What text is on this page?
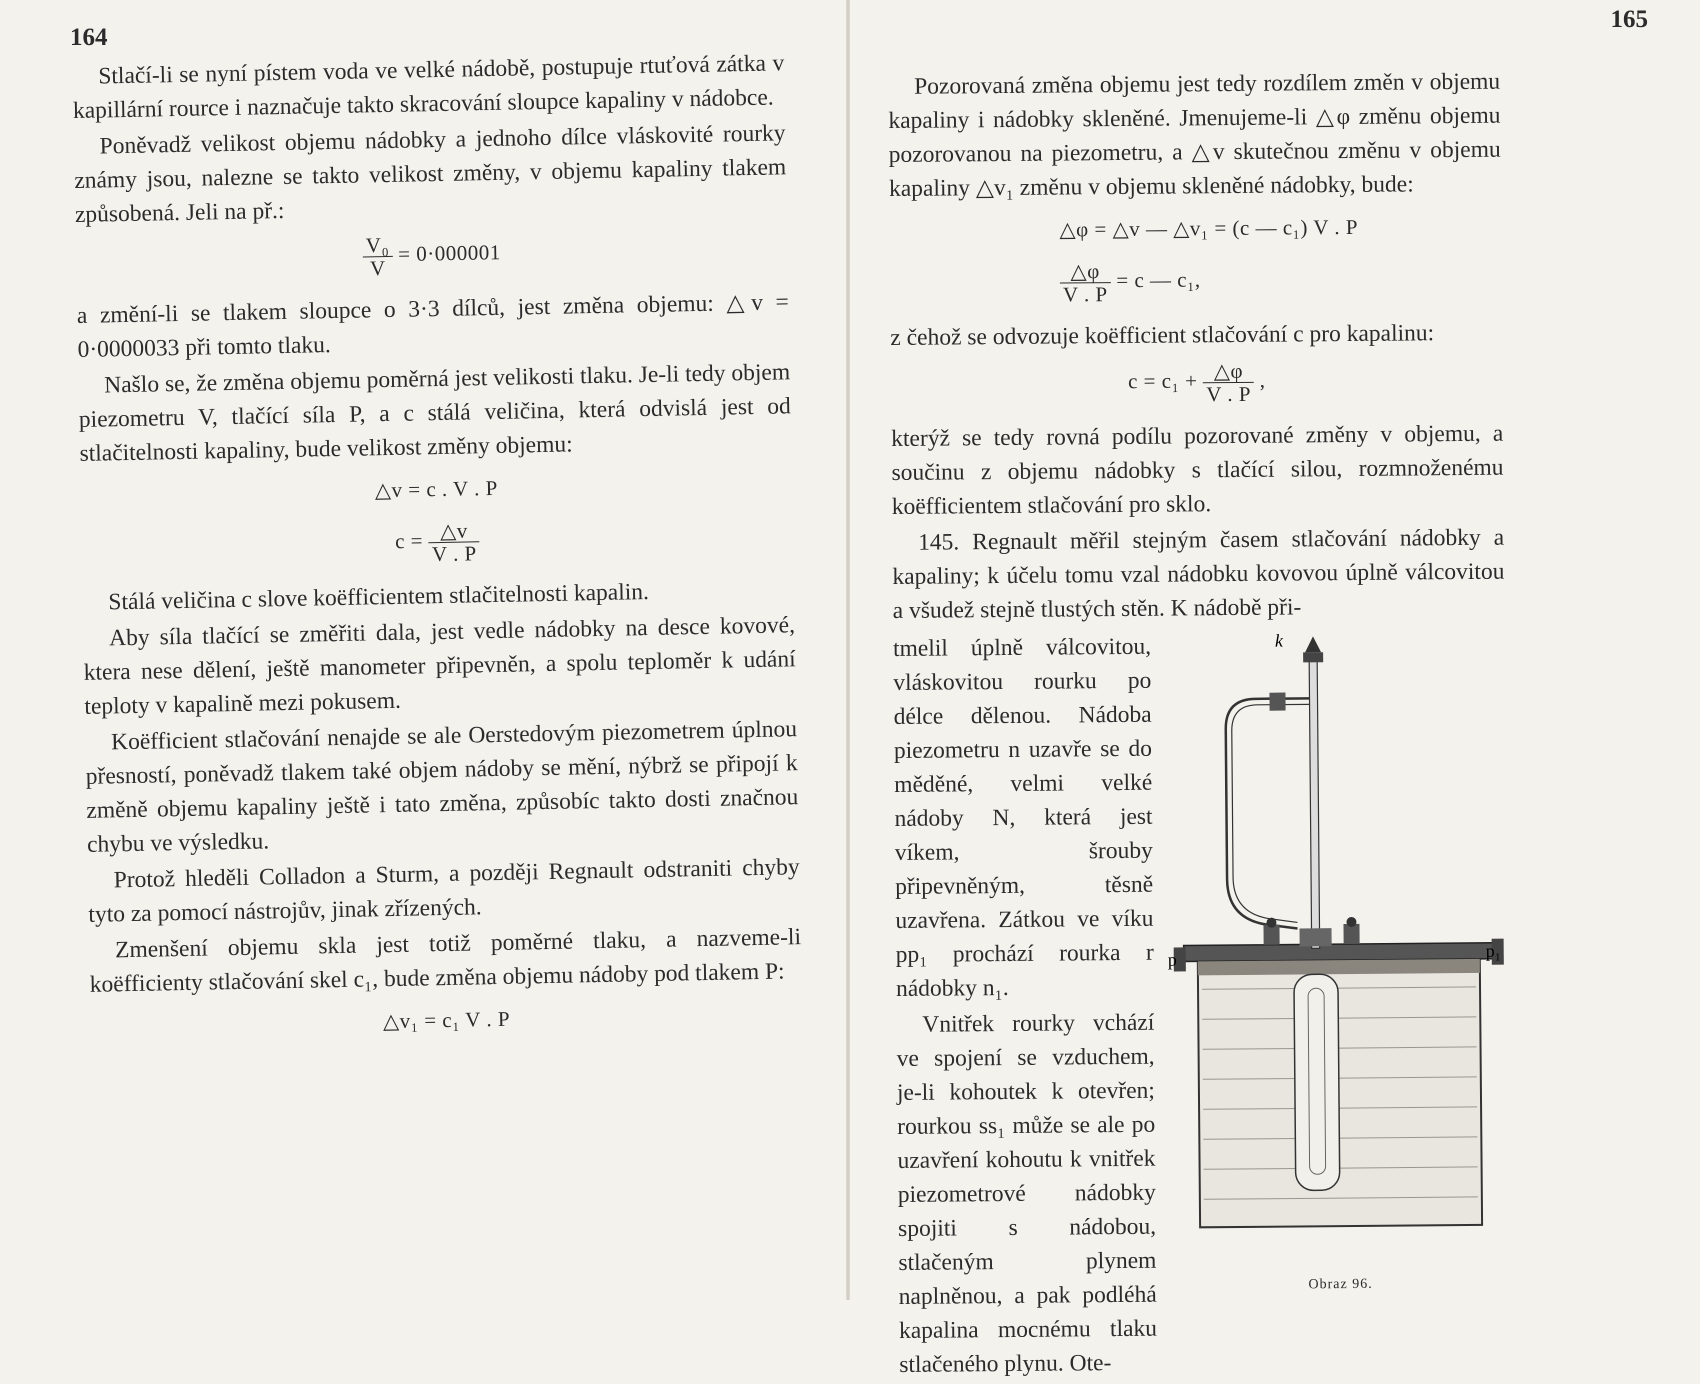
164

Stlačí-li se nyní pístem voda ve velké nádobě, postupuje rtuťová zátka v kapillární rource i naznačuje takto skracování sloupce kapaliny v nádobce.

Poněvadž velikost objemu nádobky a jednoho dílce vláskovité rourky známy jsou, nalezne se takto velikost změny, v objemu kapaliny tlakem způsobená. Jeli na př.:

$\frac{\text{V₀}}{V} = 0\cdot 000001$

a změní-li se tlakem sloupce o 3·3 dílců, jest změna objemu: △v = 0·0000033 při tomto tlaku.

Našlo se, že změna objemu poměrná jest velikosti tlaku. Je-li tedy objem piezometru V, tlačící síla P, a c stálá veličina, která odvislá jest od stlačitelnosti kapaliny, bude velikost změny objemu:

△v = c . V . P
$c = \frac{\triangle v}{V . P}$

Stálá veličina c slove koëfficientem stlačitelnosti kapalin.

Aby síla tlačící se změřiti dala, jest vedle nádobky na desce kovové, ktera nese dělení, ještě manometer připevněn, a spolu teploměr k udání teploty v kapalině mezi pokusem.

Koëfficient stlačování nenajde se ale Oerstedovým piezometrem úplnou přesností, poněvadž tlakem také objem nádoby se mění, nýbrž se připojí k změně objemu kapaliny ještě i tato změna, způsobíc takto dosti značnou chybu ve výsledku.

Protož hleděli Colladon a Sturm, a později Regnault odstraniti chyby tyto za pomocí nástrojův, jinak zřízených.

Zmenšení objemu skla jest totiž poměrné tlaku, a nazveme-li koëfficienty stlačování skel c₁, bude změna objemu nádoby pod tlakem P:

△v₁ = c₁ V . P
165

Pozorovaná změna objemu jest tedy rozdílem změn v objemu kapaliny i nádobky skleněné. Jmenujeme-li △φ změnu objemu pozorovanou na piezometru, a △v skutečnou změnu v objemu kapaliny △v₁ změnu v objemu skleněné nádobky, bude:

△φ = △v — △v₁ = (c — c₁) V . P
$\frac{\triangle\varphi}{V . P} = c$ — c₁,

z čehož se odvozuje koëfficient stlačování c pro kapalinu:

$c = c_1 + \frac{\triangle\varphi}{V . P}$ ,

kterýž se tedy rovná podílu pozorované změny v objemu, a součinu z objemu nádobky s tlačící silou, rozmnoženému koëfficientem stlačování pro sklo.

145. Regnault měřil stejným časem stlačování nádobky a kapaliny; k účelu tomu vzal nádobku kovovou úplně válcovitou a všudež stejně tlustých stěn. K nádobě při-

tmelil úplně válcovitou, vláskovitou rourku po délce dělenou. Nádoba piezometru n uzavře se do měděné, velmi velké nádoby N, která jest víkem, šrouby připevněným, těsně uzavřena. Zátkou ve víku pp₁ prochází rourka r nádobky n₁.

Vnitřek rourky vchází ve spojení se vzduchem, je-li kohoutek k otevřen; rourkou ss₁ může se ale po uzavření kohoutu k vnitřek piezometrové nádobky spojiti s nádobou, stlačeným plynem naplněnou, a pak podléhá kapalina mocnému tlaku stlačeného plynu. Ote-

k
p	p₁
Obraz 96.
